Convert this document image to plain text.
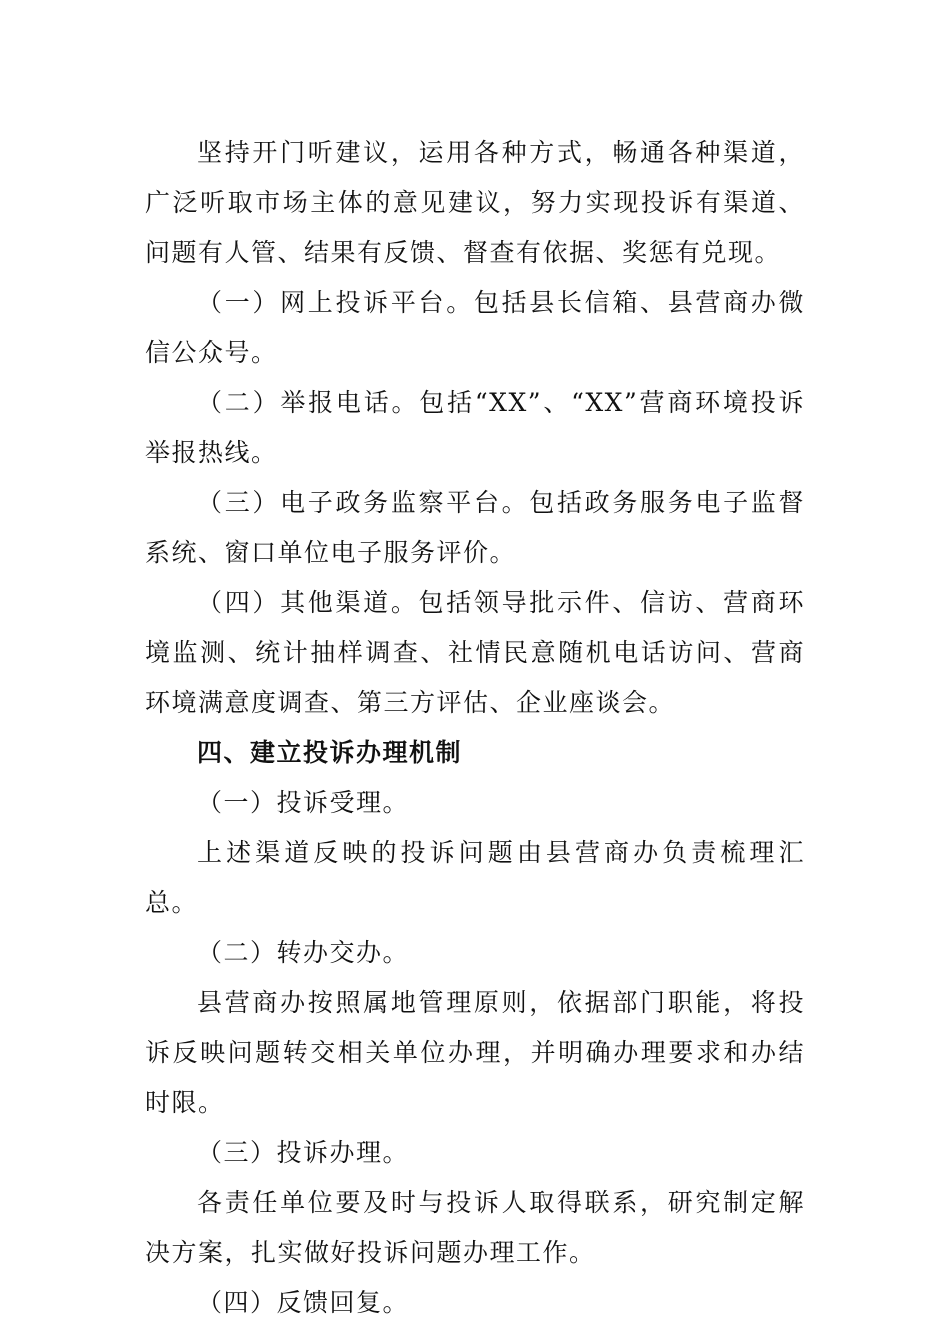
坚持开门听建议，运用各种方式，畅通各种渠道，广泛听取市场主体的意见建议，努力实现投诉有渠道、问题有人管、结果有反馈、督查有依据、奖惩有兑现。

（一）网上投诉平台。包括县长信箱、县营商办微信公众号。

（二）举报电话。包括“XX”、“XX”营商环境投诉举报热线。

（三）电子政务监察平台。包括政务服务电子监督系统、窗口单位电子服务评价。

（四）其他渠道。包括领导批示件、信访、营商环境监测、统计抽样调查、社情民意随机电话访问、营商环境满意度调查、第三方评估、企业座谈会。

四、建立投诉办理机制

（一）投诉受理。

上述渠道反映的投诉问题由县营商办负责梳理汇总。

（二）转办交办。

县营商办按照属地管理原则，依据部门职能，将投诉反映问题转交相关单位办理，并明确办理要求和办结时限。

（三）投诉办理。

各责任单位要及时与投诉人取得联系，研究制定解决方案，扎实做好投诉问题办理工作。

（四）反馈回复。
